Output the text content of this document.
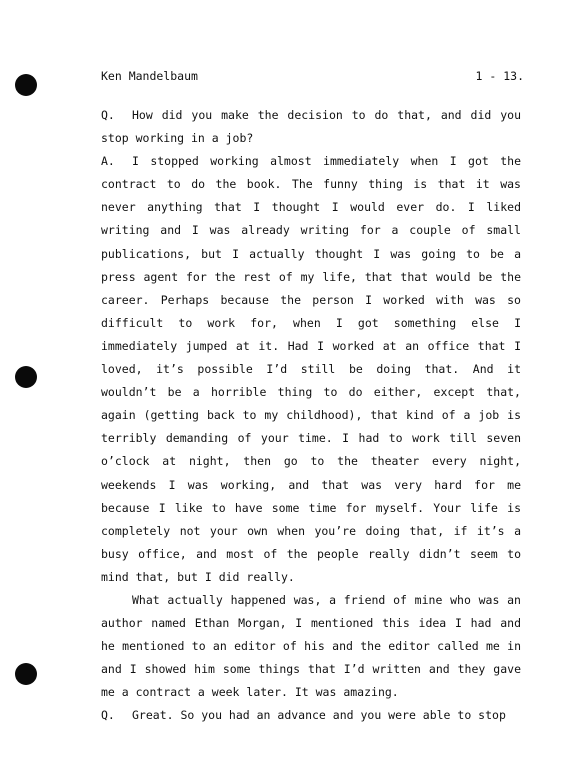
Ken Mandelbaum	1 - 13.

Q. How did you make the decision to do that, and did you stop working in a job?

A. I stopped working almost immediately when I got the contract to do the book. The funny thing is that it was never anything that I thought I would ever do. I liked writing and I was already writing for a couple of small publications, but I actually thought I was going to be a press agent for the rest of my life, that that would be the career. Perhaps because the person I worked with was so difficult to work for, when I got something else I immediately jumped at it. Had I worked at an office that I loved, it’s possible I’d still be doing that. And it wouldn’t be a horrible thing to do either, except that, again (getting back to my childhood), that kind of a job is terribly demanding of your time. I had to work till seven o’clock at night, then go to the theater every night, weekends I was working, and that was very hard for me because I like to have some time for myself. Your life is completely not your own when you’re doing that, if it’s a busy office, and most of the people really didn’t seem to mind that, but I did really.

What actually happened was, a friend of mine who was an author named Ethan Morgan, I mentioned this idea I had and he mentioned to an editor of his and the editor called me in and I showed him some things that I’d written and they gave me a contract a week later. It was amazing.

Q. Great. So you had an advance and you were able to stop
